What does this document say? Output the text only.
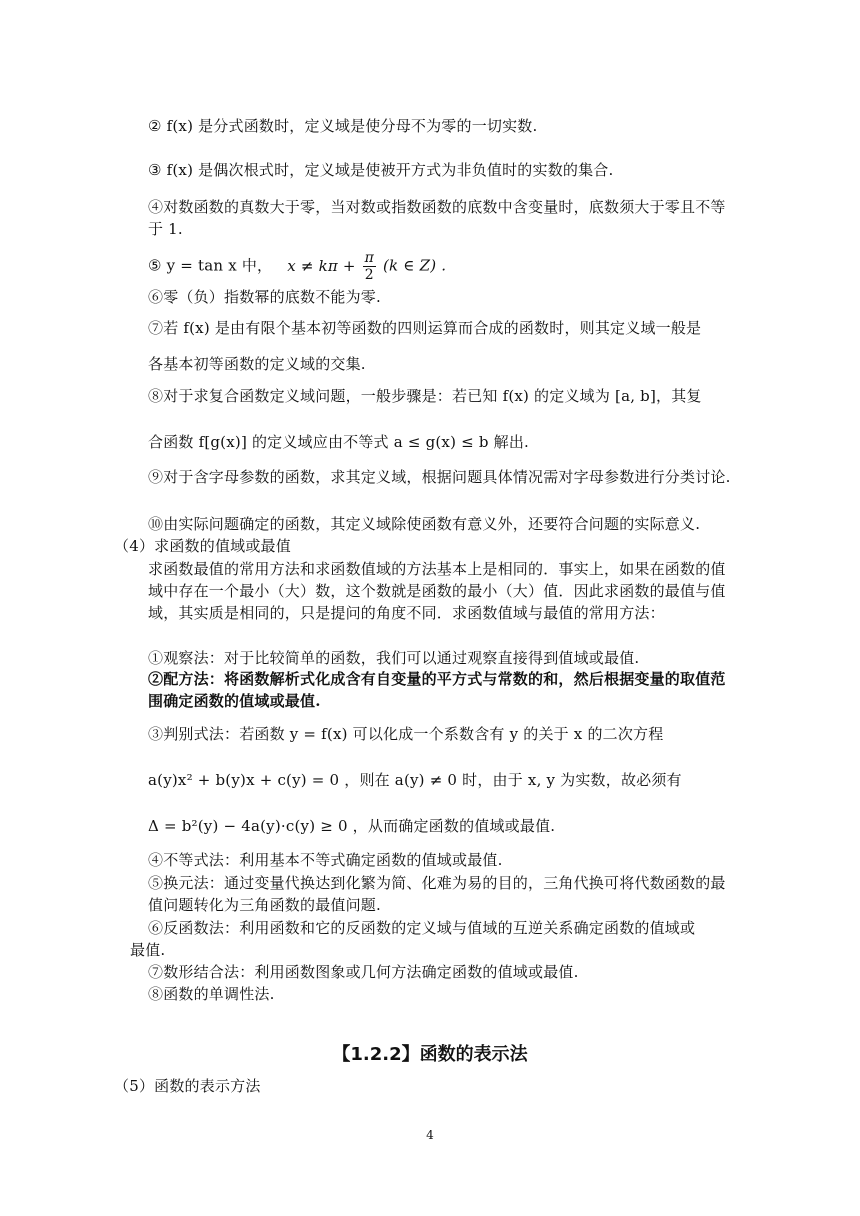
② f(x) 是分式函数时，定义域是使分母不为零的一切实数.
③ f(x) 是偶次根式时，定义域是使被开方式为非负值时的实数的集合.
④对数函数的真数大于零，当对数或指数函数的底数中含变量时，底数须大于零且不等于 1.
⑤ y = tan x 中， $x \ne k\pi + \frac{\pi}{2} (k$ ∈ Z) .
⑥零（负）指数幂的底数不能为零.
⑦若 f(x) 是由有限个基本初等函数的四则运算而合成的函数时，则其定义域一般是
各基本初等函数的定义域的交集.
⑧对于求复合函数定义域问题，一般步骤是：若已知 f(x) 的定义域为 [a, b]，其复
合函数 f[g(x)] 的定义域应由不等式 a ≤ g(x) ≤ b 解出.
⑨对于含字母参数的函数，求其定义域，根据问题具体情况需对字母参数进行分类讨论.
⑩由实际问题确定的函数，其定义域除使函数有意义外，还要符合问题的实际意义.
（4）求函数的值域或最值
求函数最值的常用方法和求函数值域的方法基本上是相同的．事实上，如果在函数的值域中存在一个最小（大）数，这个数就是函数的最小（大）值．因此求函数的最值与值域，其实质是相同的，只是提问的角度不同．求函数值域与最值的常用方法：
①观察法：对于比较简单的函数，我们可以通过观察直接得到值域或最值.
②配方法：将函数解析式化成含有自变量的平方式与常数的和，然后根据变量的取值范围确定函数的值域或最值.
③判别式法：若函数 y = f(x) 可以化成一个系数含有 y 的关于 x 的二次方程
a(y)x² + b(y)x + c(y) = 0 ，则在 a(y) ≠ 0 时，由于 x, y 为实数，故必须有
Δ = b²(y) − 4a(y)·c(y) ≥ 0 ，从而确定函数的值域或最值.
④不等式法：利用基本不等式确定函数的值域或最值.
⑤换元法：通过变量代换达到化繁为简、化难为易的目的，三角代换可将代数函数的最值问题转化为三角函数的最值问题.
⑥反函数法：利用函数和它的反函数的定义域与值域的互逆关系确定函数的值域或
最值.
⑦数形结合法：利用函数图象或几何方法确定函数的值域或最值.
⑧函数的单调性法.
【1.2.2】函数的表示法
（5）函数的表示方法
4
